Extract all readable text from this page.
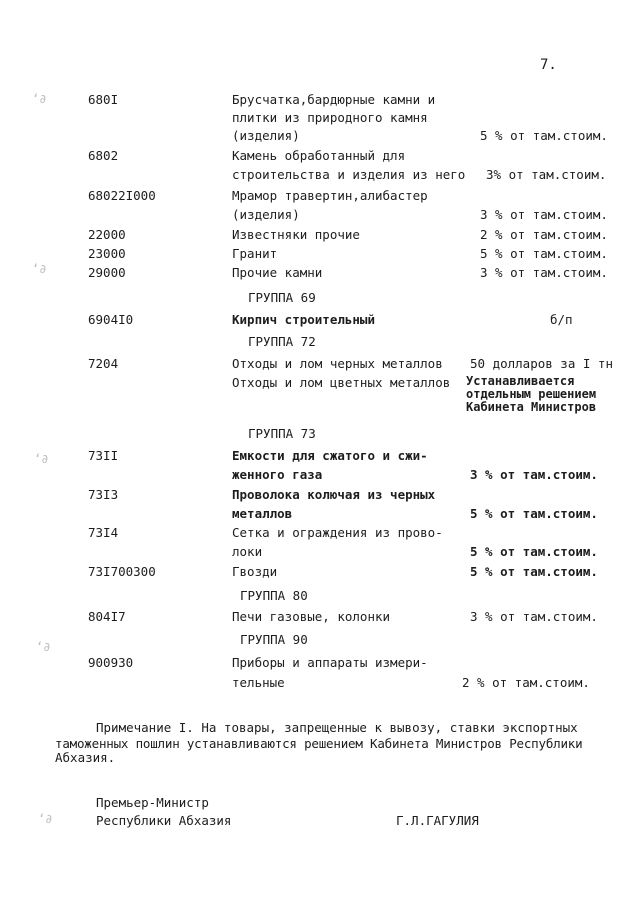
7.
ʻ∂
ʻ∂
ʻ∂
ʻ∂
ʻ∂
680I	Брусчатка,бардюрные камни и
плитки из природного камня
(изделия)	5 % от там.стоим.
6802	Камень обработанный для
строительства и изделия из него 3% от там.стоим.
68022I000	Мрамор травертин,алибастер
(изделия)	3 % от там.стоим.
22000	Известняки прочие	2 % от там.стоим.
23000	Гранит	5 % от там.стоим.
29000	Прочие камни	3 % от там.стоим.
ГРУППА 69
6904I0	Кирпич строительный	б/п
ГРУППА 72
7204	Отходы и лом черных металлов 50 долларов за I тн
Отходы и лом цветных металлов Устанавливается
отдельным решением
Кабинета Министров
ГРУППА 73
73II	Емкости для сжатого и сжи-
женного газа	3 % от там.стоим.
73I3	Проволока колючая из черных
металлов	5 % от там.стоим.
73I4	Сетка и ограждения из прово-
локи	5 % от там.стоим.
73I700300	Гвозди	5 % от там.стоим.
ГРУППА 80
804I7	Печи газовые, колонки	3 % от там.стоим.
ГРУППА 90
900930	Приборы и аппараты измери-
тельные	2 % от там.стоим.
Примечание I. На товары, запрещенные к вывозу, ставки экспортных
таможенных пошлин устанавливаются решением Кабинета Министров Республики
Абхазия.
Премьер-Министр
Республики Абхазия	Г.Л.ГАГУЛИЯ
